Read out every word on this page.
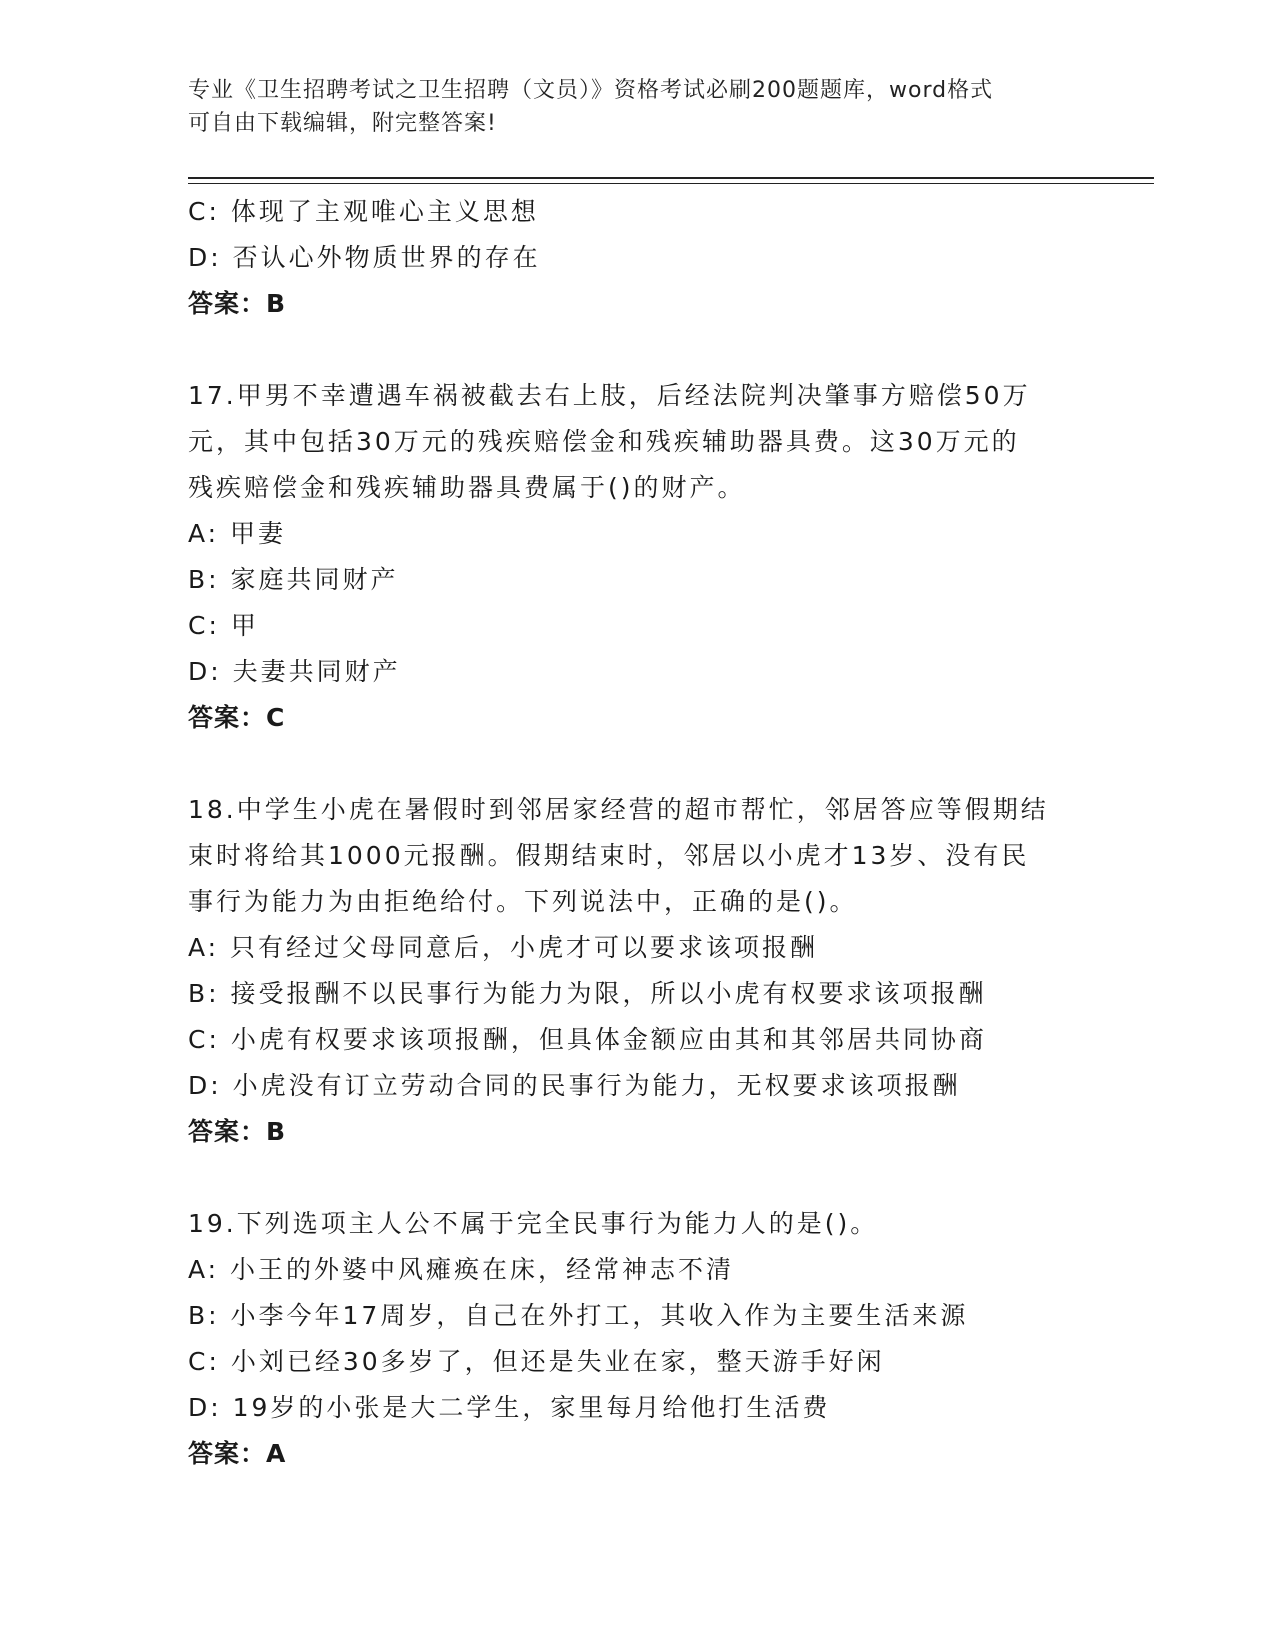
专业《卫生招聘考试之卫生招聘（文员）》资格考试必刷200题题库，word格式
可自由下载编辑，附完整答案!
C: 体现了主观唯心主义思想
D: 否认心外物质世界的存在
答案：B
17.甲男不幸遭遇车祸被截去右上肢，后经法院判决肇事方赔偿50万
元，其中包括30万元的残疾赔偿金和残疾辅助器具费。这30万元的
残疾赔偿金和残疾辅助器具费属于()的财产。
A: 甲妻
B: 家庭共同财产
C: 甲
D: 夫妻共同财产
答案：C
18.中学生小虎在暑假时到邻居家经营的超市帮忙，邻居答应等假期结
束时将给其1000元报酬。假期结束时，邻居以小虎才13岁、没有民
事行为能力为由拒绝给付。下列说法中，正确的是()。
A: 只有经过父母同意后，小虎才可以要求该项报酬
B: 接受报酬不以民事行为能力为限，所以小虎有权要求该项报酬
C: 小虎有权要求该项报酬，但具体金额应由其和其邻居共同协商
D: 小虎没有订立劳动合同的民事行为能力，无权要求该项报酬
答案：B
19.下列选项主人公不属于完全民事行为能力人的是()。
A: 小王的外婆中风瘫痪在床，经常神志不清
B: 小李今年17周岁，自己在外打工，其收入作为主要生活来源
C: 小刘已经30多岁了，但还是失业在家，整天游手好闲
D: 19岁的小张是大二学生，家里每月给他打生活费
答案：A
